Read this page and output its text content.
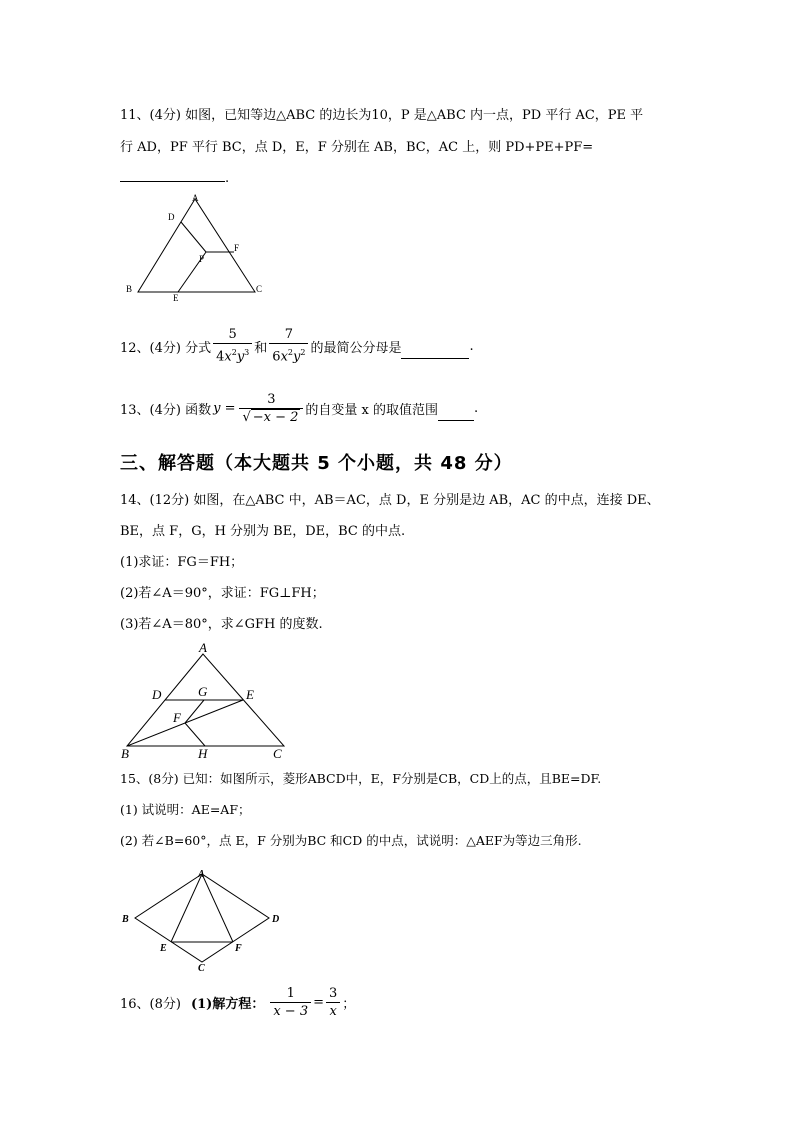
11、(4分) 如图，已知等边△ABC 的边长为10，P 是△ABC 内一点，PD 平行 AC，PE 平
行 AD，PF 平行 BC，点 D，E，F 分别在 AB，BC，AC 上，则 PD+PE+PF=
.
A
D
F
P
B	C
E
12、(4分) 分式 $\frac{5}{4x^2y^3}$ 和 $\frac{7}{6x^2y^2}$ 的最简公分母是	.
13、(4分) 函数 $y = \frac{3}{√ -x - 2}$ 的自变量 x 的取值范围	.
三、解答题（本大题共 5 个小题，共 48 分）
14、(12分) 如图，在△ABC 中，AB＝AC，点 D，E 分别是边 AB，AC 的中点，连接 DE、
BE，点 F，G，H 分别为 BE，DE，BC 的中点.
(1)求证：FG＝FH；
(2)若∠A＝90°，求证：FG⊥FH；
(3)若∠A＝80°，求∠GFH 的度数.
A
D	G	E
F
B	H	C
15、(8分) 已知：如图所示，菱形ABCD中，E，F分别是CB，CD上的点，且BE=DF.
(1) 试说明：AE=AF；
(2) 若∠B=60°，点 E，F 分别为BC 和CD 的中点，试说明：△AEF为等边三角形.
A
B	D
E	F
C
16、(8分) (1)解方程： $\frac{1}{x - 3} = \frac{3}{x}$ ；
